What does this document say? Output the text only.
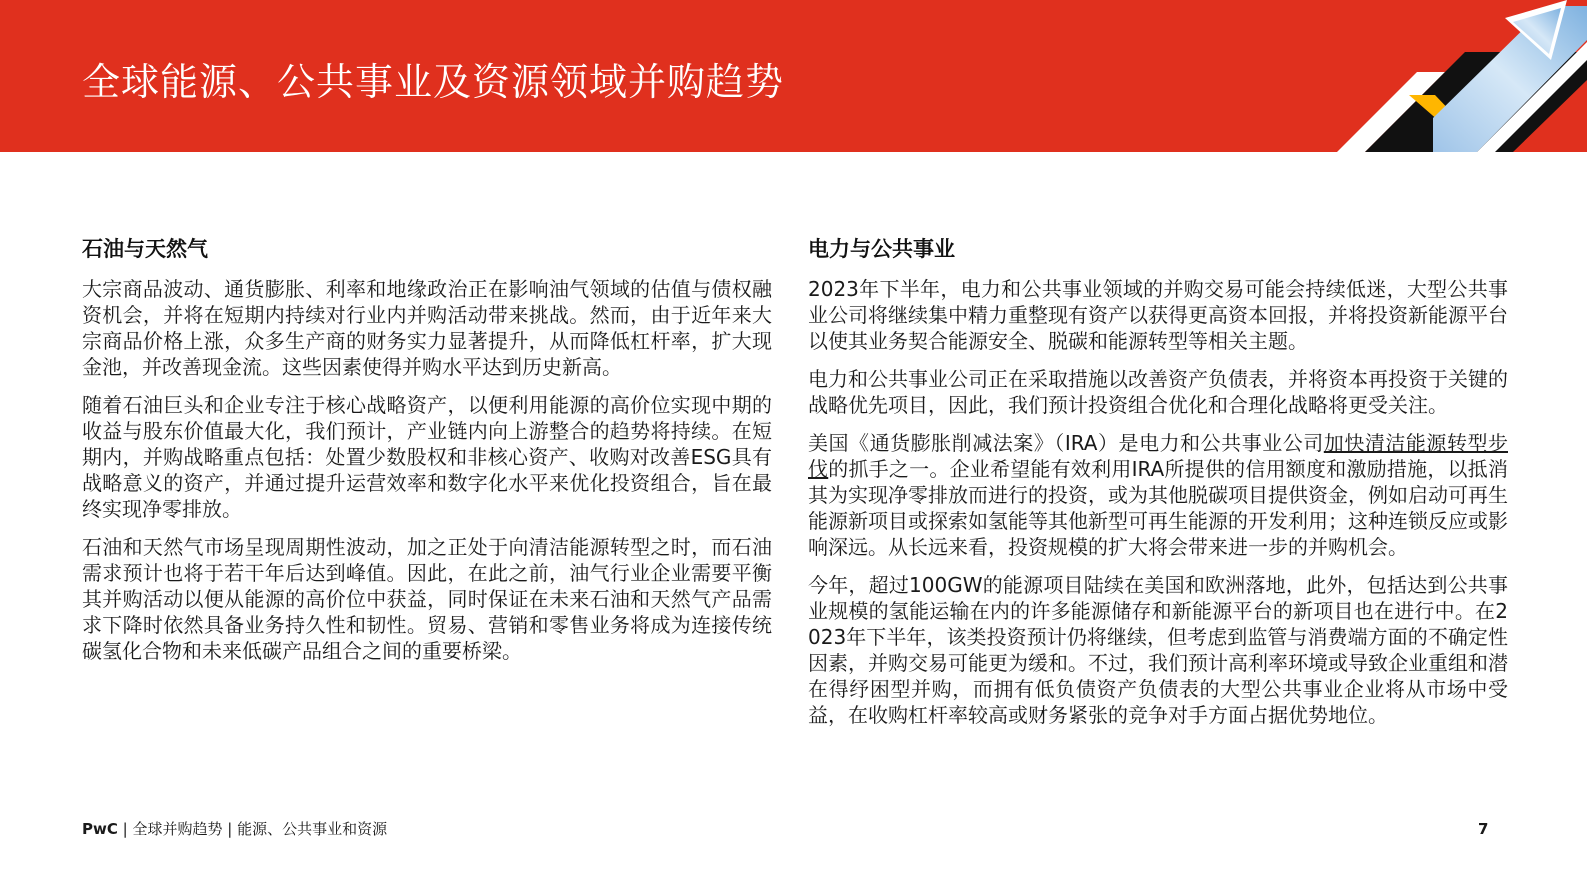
全球能源、公共事业及资源领域并购趋势
石油与天然气

大宗商品波动、通货膨胀、利率和地缘政治正在影响油气领域的估值与债权融资机会，并将在短期内持续对行业内并购活动带来挑战。然而，由于近年来大宗商品价格上涨，众多生产商的财务实力显著提升，从而降低杠杆率，扩大现金池，并改善现金流。这些因素使得并购水平达到历史新高。

随着石油巨头和企业专注于核心战略资产，以便利用能源的高价位实现中期的收益与股东价值最大化，我们预计，产业链内向上游整合的趋势将持续。在短期内，并购战略重点包括：处置少数股权和非核心资产、收购对改善ESG具有战略意义的资产，并通过提升运营效率和数字化水平来优化投资组合，旨在最终实现净零排放。

石油和天然气市场呈现周期性波动，加之正处于向清洁能源转型之时，而石油需求预计也将于若干年后达到峰值。因此，在此之前，油气行业企业需要平衡其并购活动以便从能源的高价位中获益，同时保证在未来石油和天然气产品需求下降时依然具备业务持久性和韧性。贸易、营销和零售业务将成为连接传统碳氢化合物和未来低碳产品组合之间的重要桥梁。

电力与公共事业

2023年下半年，电力和公共事业领域的并购交易可能会持续低迷，大型公共事业公司将继续集中精力重整现有资产以获得更高资本回报，并将投资新能源平台以使其业务契合能源安全、脱碳和能源转型等相关主题。

电力和公共事业公司正在采取措施以改善资产负债表，并将资本再投资于关键的战略优先项目，因此，我们预计投资组合优化和合理化战略将更受关注。

美国《通货膨胀削减法案》（IRA）是电力和公共事业公司加快清洁能源转型步伐的抓手之一。企业希望能有效利用IRA所提供的信用额度和激励措施，以抵消其为实现净零排放而进行的投资，或为其他脱碳项目提供资金，例如启动可再生能源新项目或探索如氢能等其他新型可再生能源的开发利用；这种连锁反应或影响深远。从长远来看，投资规模的扩大将会带来进一步的并购机会。

今年，超过100GW的能源项目陆续在美国和欧洲落地，此外，包括达到公共事业规模的氢能运输在内的许多能源储存和新能源平台的新项目也在进行中。在2023年下半年，该类投资预计仍将继续，但考虑到监管与消费端方面的不确定性因素，并购交易可能更为缓和。不过，我们预计高利率环境或导致企业重组和潜在得纾困型并购，而拥有低负债资产负债表的大型公共事业企业将从市场中受益，在收购杠杆率较高或财务紧张的竞争对手方面占据优势地位。

PwC | 全球并购趋势 | 能源、公共事业和资源	7
